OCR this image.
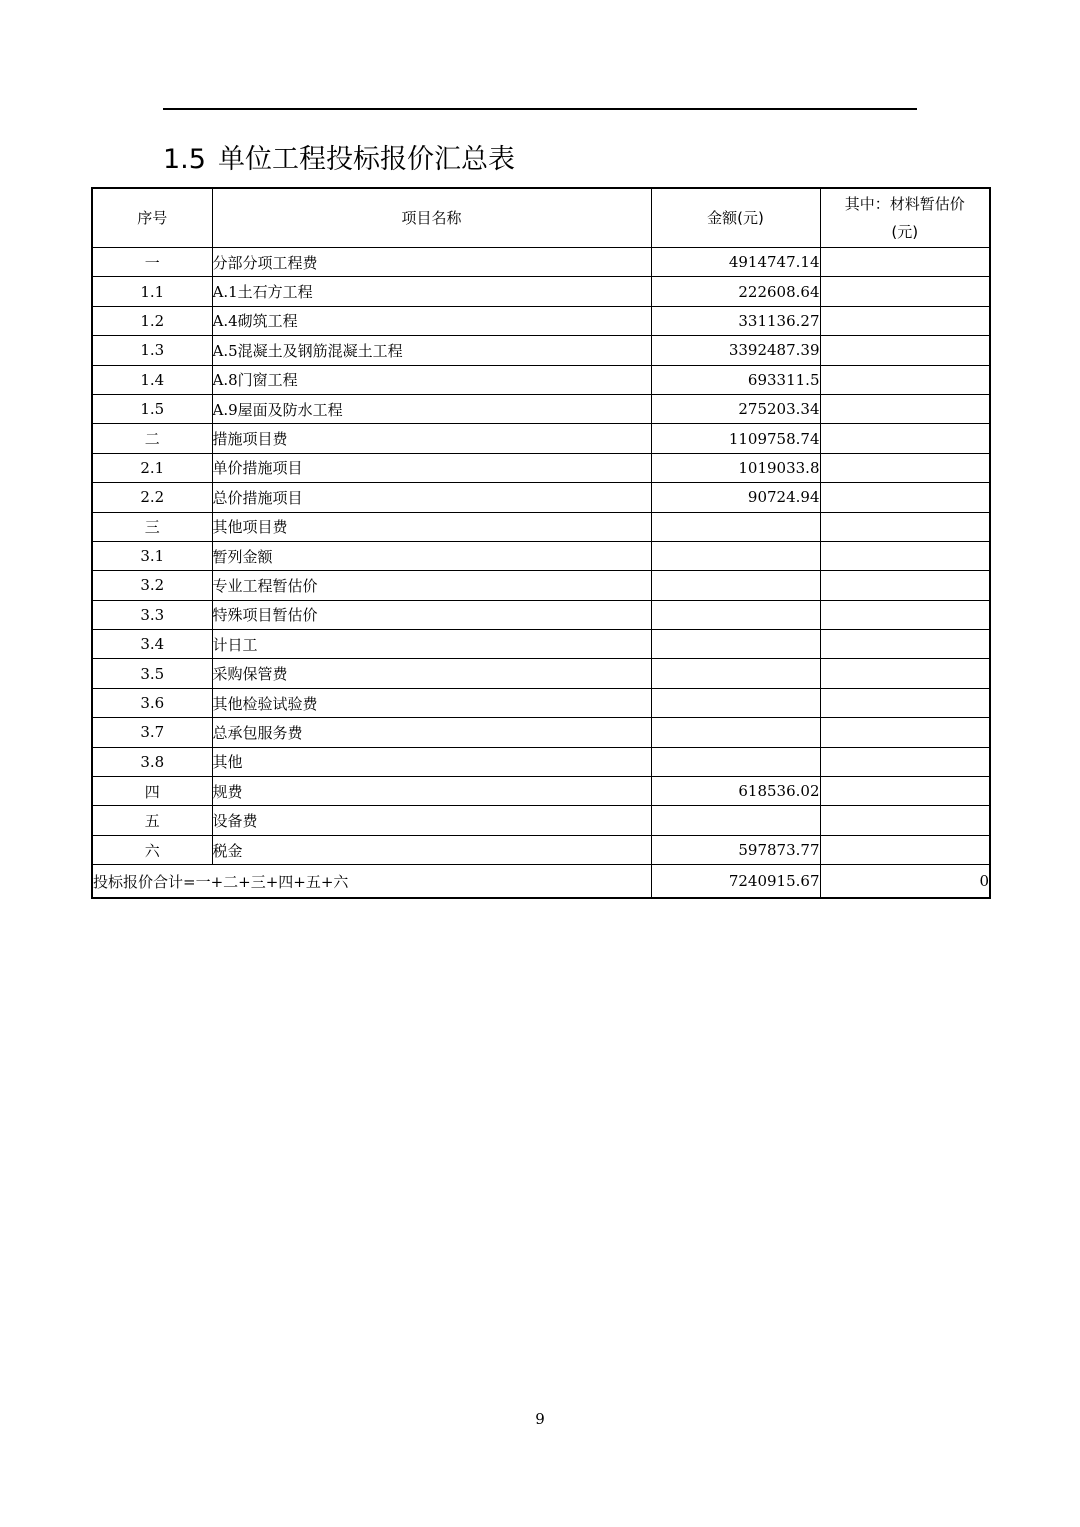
1.5 单位工程投标报价汇总表
序号	项目名称	金额(元)	其中：材料暂估价
(元)

一	分部分项工程费	4914747.14	
1.1	A.1土石方工程	222608.64	
1.2	A.4砌筑工程	331136.27	
1.3	A.5混凝土及钢筋混凝土工程	3392487.39	
1.4	A.8门窗工程	693311.5	
1.5	A.9屋面及防水工程	275203.34	
二	措施项目费	1109758.74	
2.1	单价措施项目	1019033.8	
2.2	总价措施项目	90724.94	
三	其他项目费		
3.1	暂列金额		
3.2	专业工程暂估价		
3.3	特殊项目暂估价		
3.4	计日工		
3.5	采购保管费		
3.6	其他检验试验费		
3.7	总承包服务费		
3.8	其他		
四	规费	618536.02	
五	设备费		
六	税金	597873.77	
投标报价合计=一+二+三+四+五+六		7240915.67	0
9
